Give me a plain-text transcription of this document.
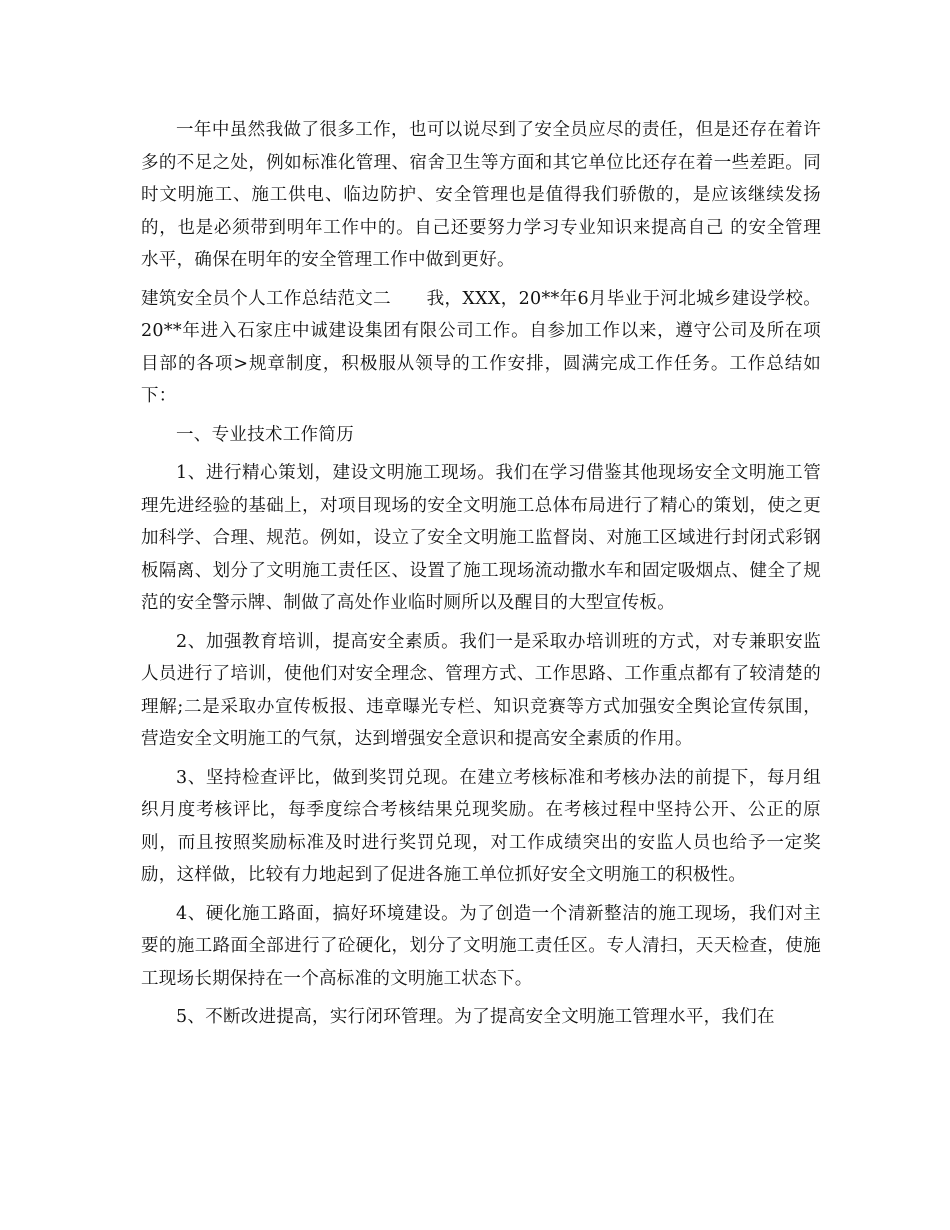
一年中虽然我做了很多工作，也可以说尽到了安全员应尽的责任，但是还存在着许多的不足之处，例如标准化管理、宿舍卫生等方面和其它单位比还存在着一些差距。同时文明施工、施工供电、临边防护、安全管理也是值得我们骄傲的，是应该继续发扬的，也是必须带到明年工作中的。自己还要努力学习专业知识来提高自己 的安全管理水平，确保在明年的安全管理工作中做到更好。

建筑安全员个人工作总结范文二　　我，XXX，20**年6月毕业于河北城乡建设学校。20**年进入石家庄中诚建设集团有限公司工作。自参加工作以来，遵守公司及所在项目部的各项>规章制度，积极服从领导的工作安排，圆满完成工作任务。工作总结如下：

一、专业技术工作简历

1、进行精心策划，建设文明施工现场。我们在学习借鉴其他现场安全文明施工管理先进经验的基础上，对项目现场的安全文明施工总体布局进行了精心的策划，使之更加科学、合理、规范。例如，设立了安全文明施工监督岗、对施工区域进行封闭式彩钢板隔离、划分了文明施工责任区、设置了施工现场流动撒水车和固定吸烟点、健全了规范的安全警示牌、制做了高处作业临时厕所以及醒目的大型宣传板。

2、加强教育培训，提高安全素质。我们一是采取办培训班的方式，对专兼职安监人员进行了培训，使他们对安全理念、管理方式、工作思路、工作重点都有了较清楚的理解;二是采取办宣传板报、违章曝光专栏、知识竞赛等方式加强安全舆论宣传氛围，营造安全文明施工的气氛，达到增强安全意识和提高安全素质的作用。

3、坚持检查评比，做到奖罚兑现。在建立考核标准和考核办法的前提下，每月组织月度考核评比，每季度综合考核结果兑现奖励。在考核过程中坚持公开、公正的原则，而且按照奖励标准及时进行奖罚兑现，对工作成绩突出的安监人员也给予一定奖励，这样做，比较有力地起到了促进各施工单位抓好安全文明施工的积极性。

4、硬化施工路面，搞好环境建设。为了创造一个清新整洁的施工现场，我们对主要的施工路面全部进行了砼硬化，划分了文明施工责任区。专人清扫，天天检查，使施工现场长期保持在一个高标准的文明施工状态下。

5、不断改进提高，实行闭环管理。为了提高安全文明施工管理水平，我们在
